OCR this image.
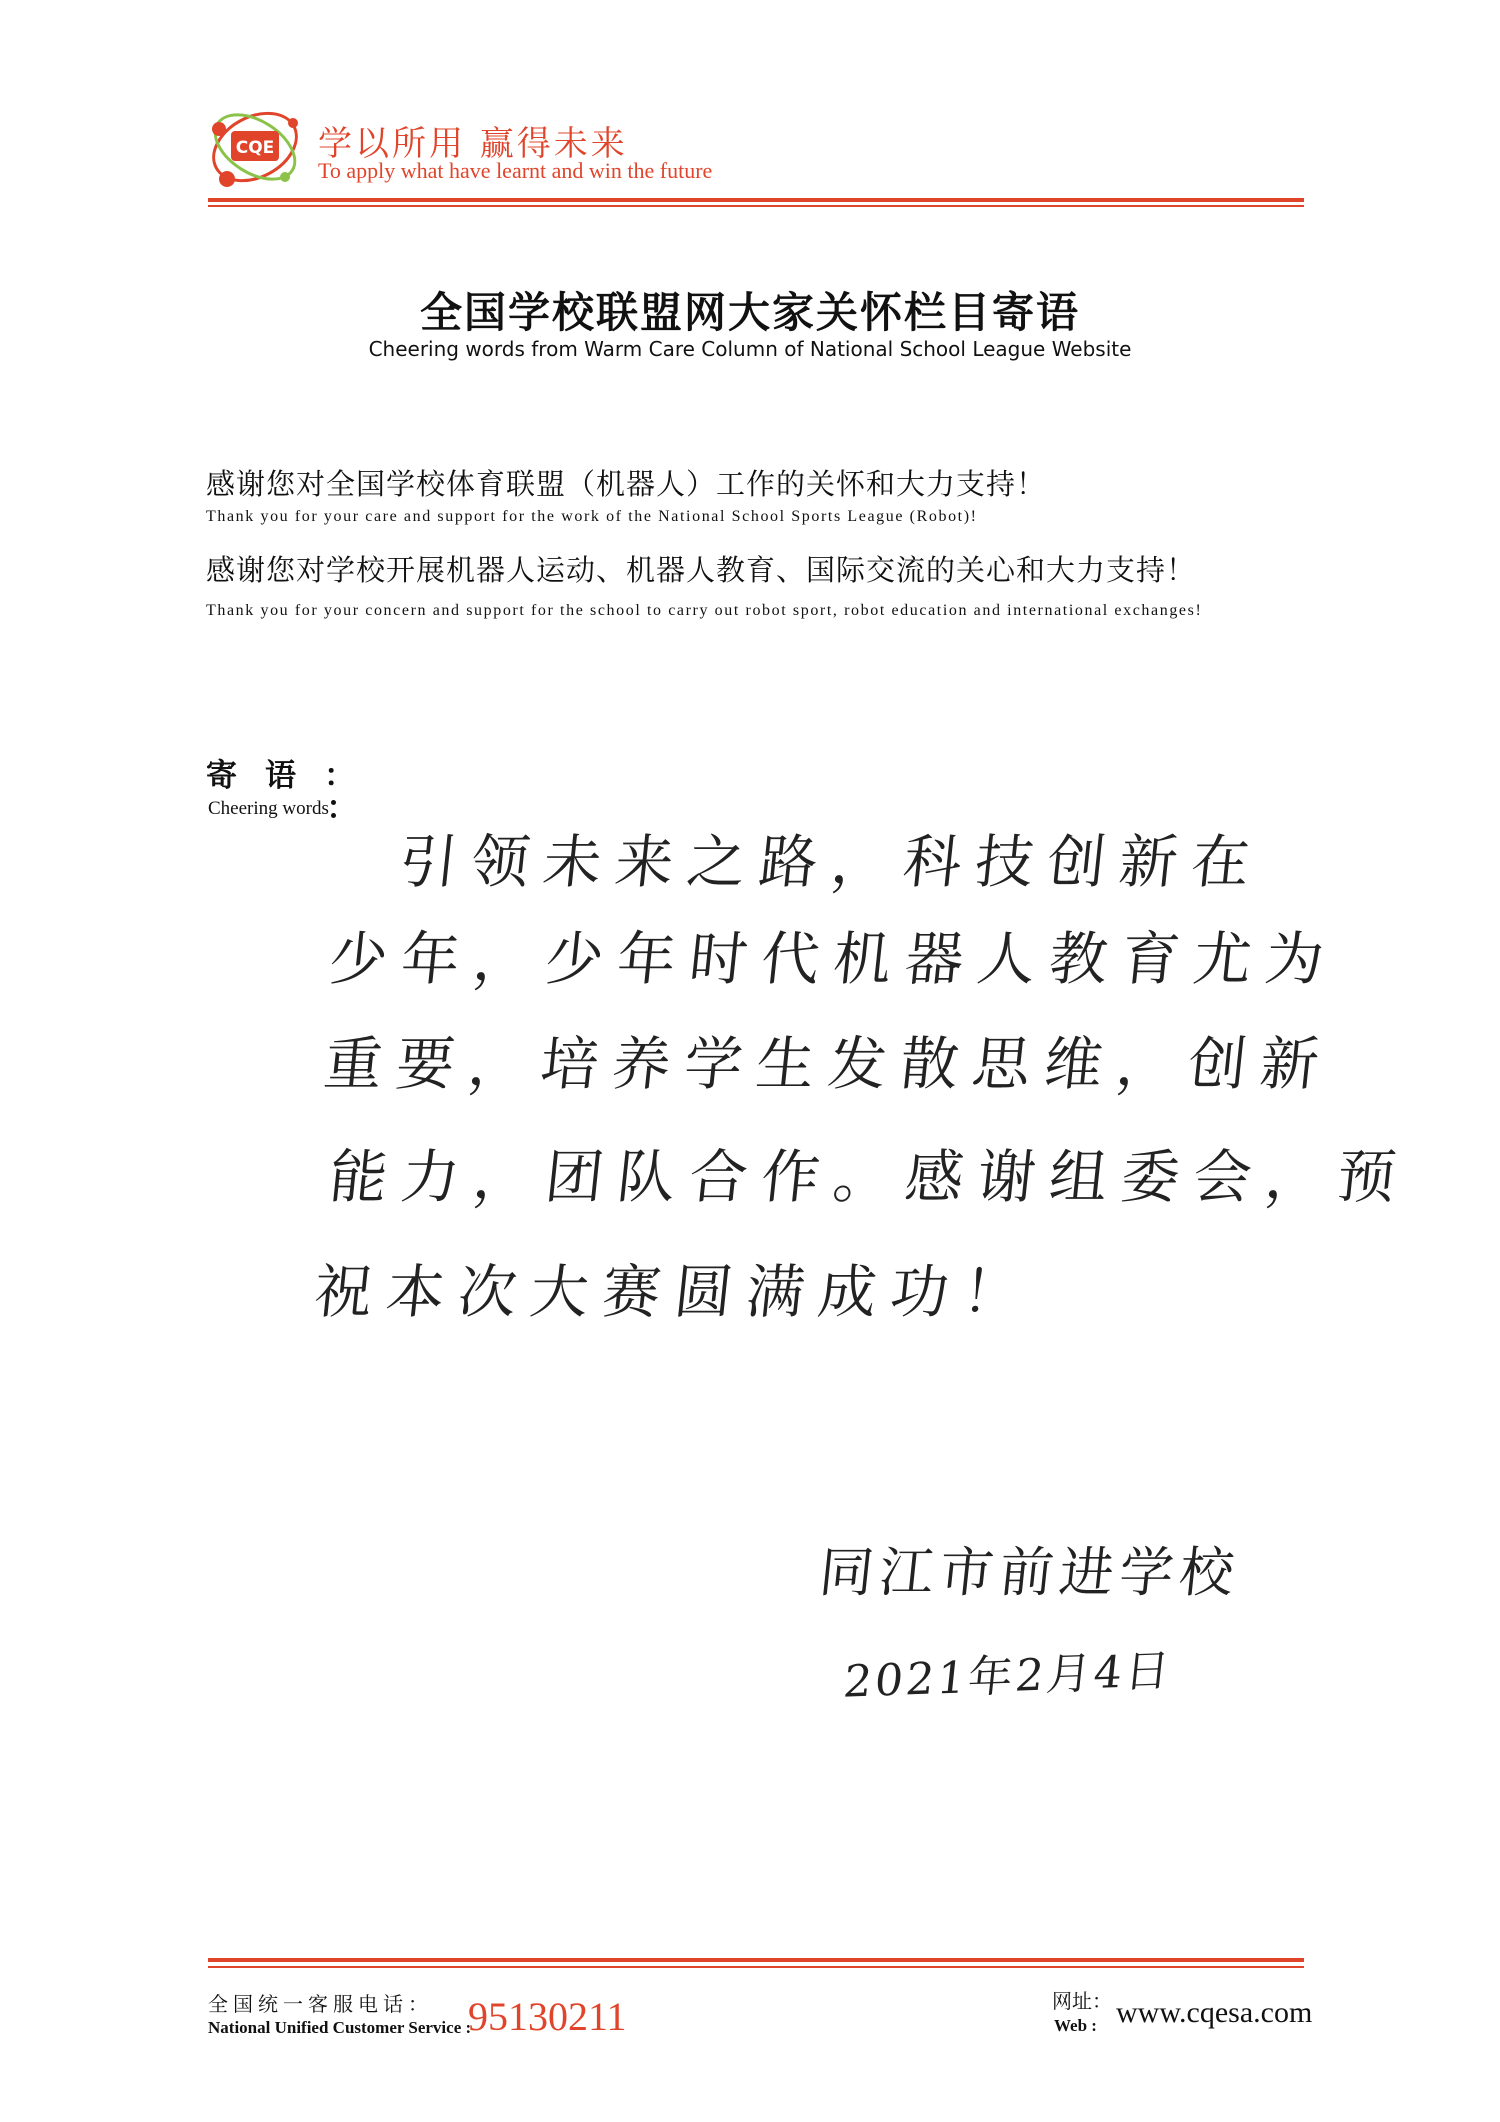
CQE 学以所用 赢得未来
To apply what have learnt and win the future
全国学校联盟网大家关怀栏目寄语
Cheering words from Warm Care Column of National School League Website
感谢您对全国学校体育联盟（机器人）工作的关怀和大力支持！
Thank you for your care and support for the work of the National School Sports League (Robot)!
感谢您对学校开展机器人运动、机器人教育、国际交流的关心和大力支持！
Thank you for your concern and support for the school to carry out robot sport, robot education and international exchanges!
寄语：
Cheering words
引领未来之路，科技创新在
少年，少年时代机器人教育尤为
重要，培养学生发散思维，创新
能力，团队合作。感谢组委会，预
祝本次大赛圆满成功！
同江市前进学校
2021年2月4日
全国统一客服电话：
National Unified Customer Service :
95130211	网址：
Web : www.cqesa.com
